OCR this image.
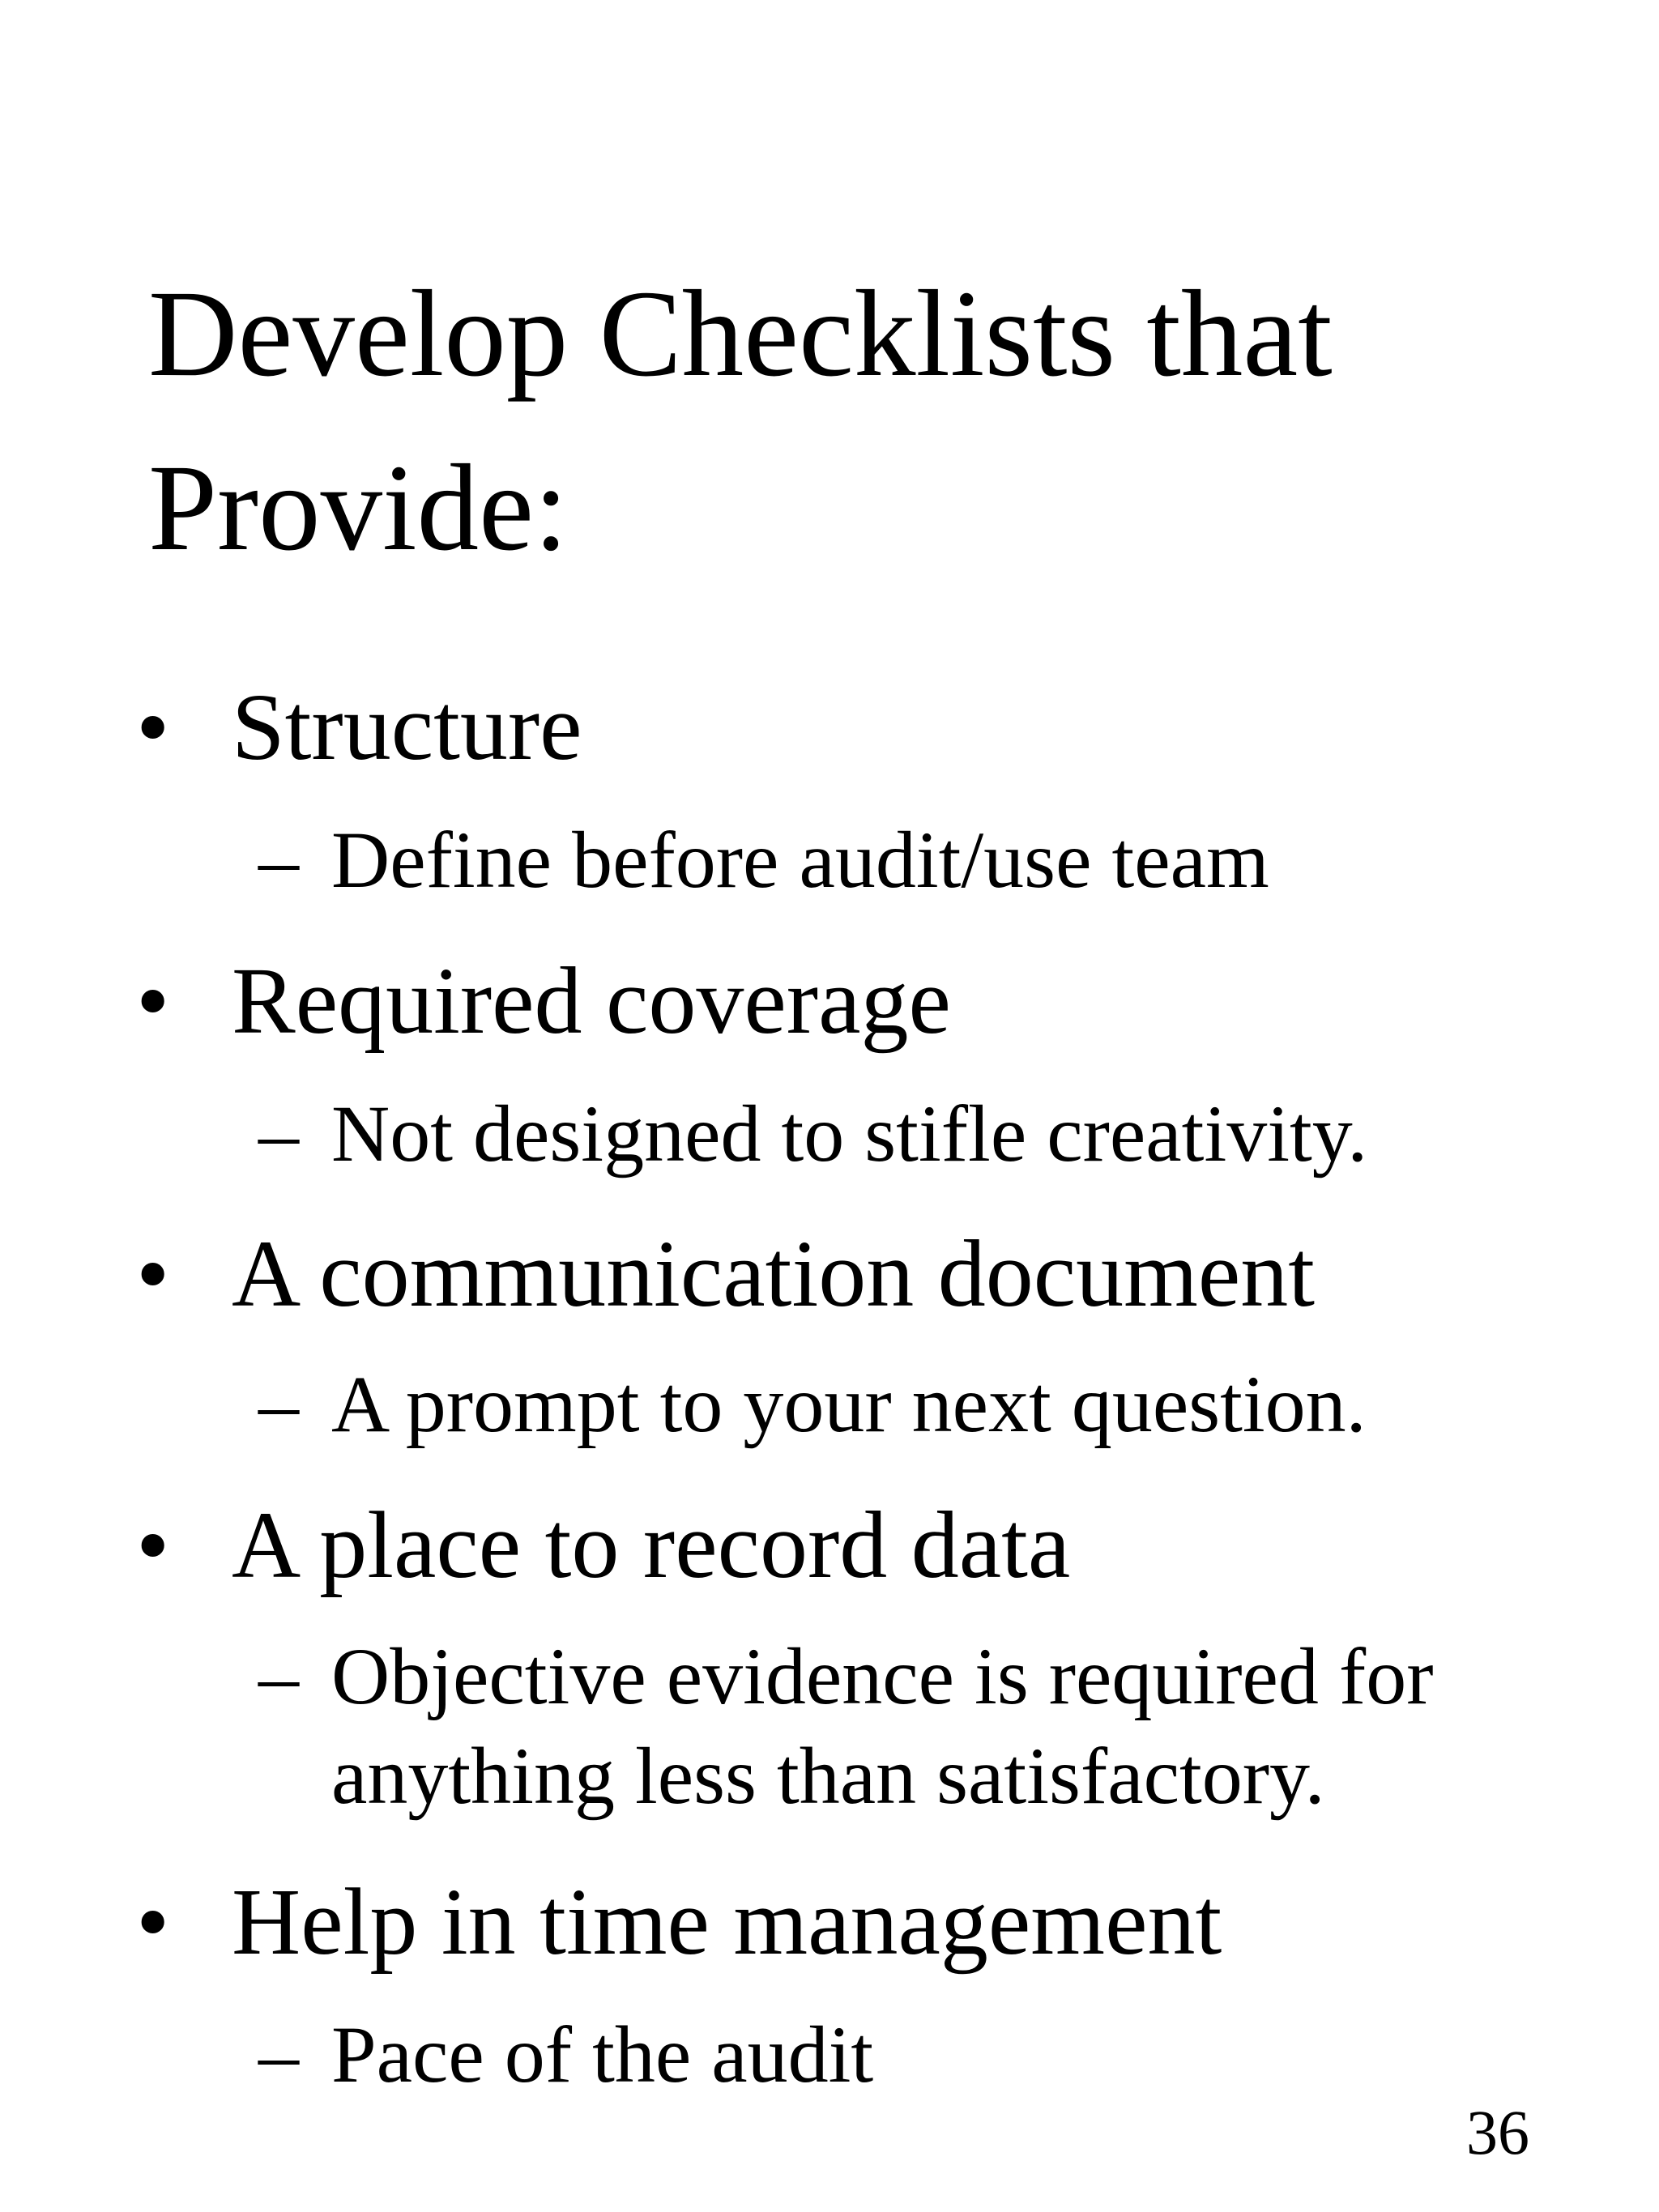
Develop Checklists that
Provide:
• Structure
– Define before audit/use team
• Required coverage
– Not designed to stifle creativity.
• A communication document
– A prompt to your next question.
• A place to record data
– Objective evidence is required for
anything less than satisfactory.
• Help in time management
– Pace of the audit
36
